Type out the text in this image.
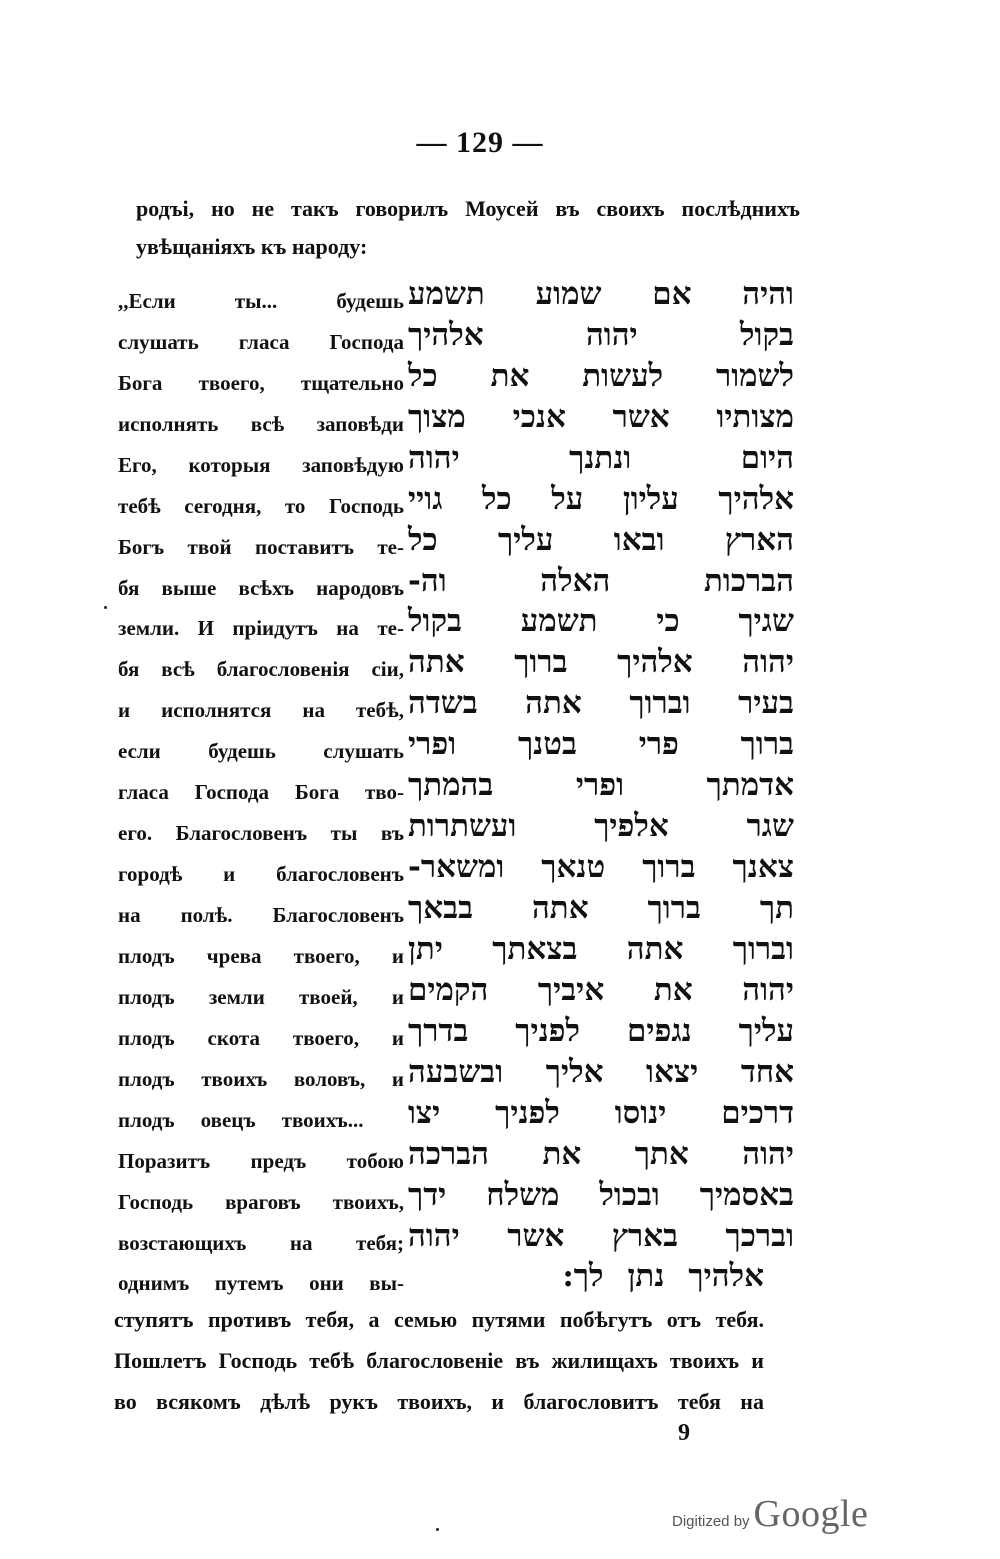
— 129 —
родъі, но не такъ говорилъ Моусей въ своихъ послѣднихъ
увѣщаніяхъ къ народу:
,,Если	ты...	будешь
слушать гласа Господа
Бога твоего, тщательно
исполнять всѣ заповѣди
Его, которыя заповѣдую
тебѣ сегодня, то Господь
Богъ твой поставитъ те-
бя выше всѣхъ народовъ
земли. И пріидутъ на те-
бя всѣ благословенія сіи,
и исполнятся на тебѣ,
если будешь слушать
гласа Господа Бога тво-
его. Благословенъ ты въ
городѣ и благословенъ
на полѣ. Благословенъ
плодъ чрева твоего, и
плодъ земли твоей, и
плодъ скота твоего, и
плодъ твоихъ воловъ, и
плодъ овецъ твоихъ...
Поразитъ предъ тобою
Господь враговъ твоихъ,
возстающихъ на тебя;
однимъ путемъ они вы-
והיה
אם
שמוע
תשמע
בקול
יהוה
אלהיך
לשמור
לעשות
את
כל
מצותיו
אשר
אנכי
מצוך
היום
ונתנך
יהוה
אלהיך
עליון
על
כל
גויי
הארץ
ובאו
עליך
כל
הברכות
האלה
וה-
שגיך
כי
תשמע
בקול
יהוה
אלהיך
ברוך
אתה
בעיר
וברוך
אתה
בשדה
ברוך
פרי
בטנך
ופרי
אדמתך
ופרי
בהמתך
שגר
אלפיך
ועשתרות
צאנך
ברוך
טנאך
ומשאר-
תך
ברוך
אתה
בבאך
וברוך
אתה
בצאתך
יתן
יהוה
את
איביך
הקמים
עליך
נגפים
לפניך
בדרך
אחד
יצאו
אליך
ובשבעה
דרכים
ינוסו
לפניך
יצו
יהוה
אתך
את
הברכה
באסמיך
ובכול
משלח
ידך
וברכך
בארץ
אשר
יהוה
אלהיך
נתן
לך:
ступятъ противъ тебя, а семью путями побѣгутъ отъ тебя.
Пошлетъ Господь тебѣ благословеніе въ жилищахъ твоихъ и
во всякомъ дѣлѣ рукъ твоихъ, и благословитъ тебя на
9
Digitized by Google
